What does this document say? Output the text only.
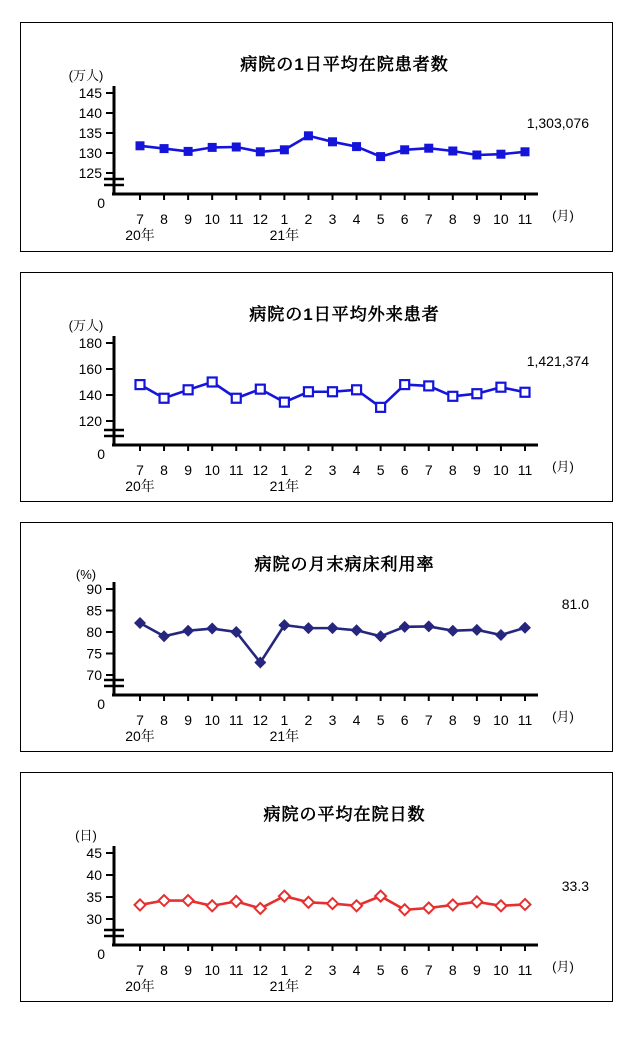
病院の1日平均在院患者数
(万人)
1,303,076
145
140
135
130
125
0
7 8 9 10 11 12 1 2 3 4 5 6 7 8 9 10 11 (月)
20年	21年
病院の1日平均外来患者
(万人)
1,421,374
180
160
140
120
0
7 8 9 10 11 12 1 2 3 4 5 6 7 8 9 10 11 (月)
20年	21年
病院の月末病床利用率
(%)
81.0
90
85
80
75
70
0
7 8 9 10 11 12 1 2 3 4 5 6 7 8 9 10 11 (月)
20年	21年
病院の平均在院日数
(日)
33.3
45
40
35
30
0
7 8 9 10 11 12 1 2 3 4 5 6 7 8 9 10 11 (月)
20年	21年
